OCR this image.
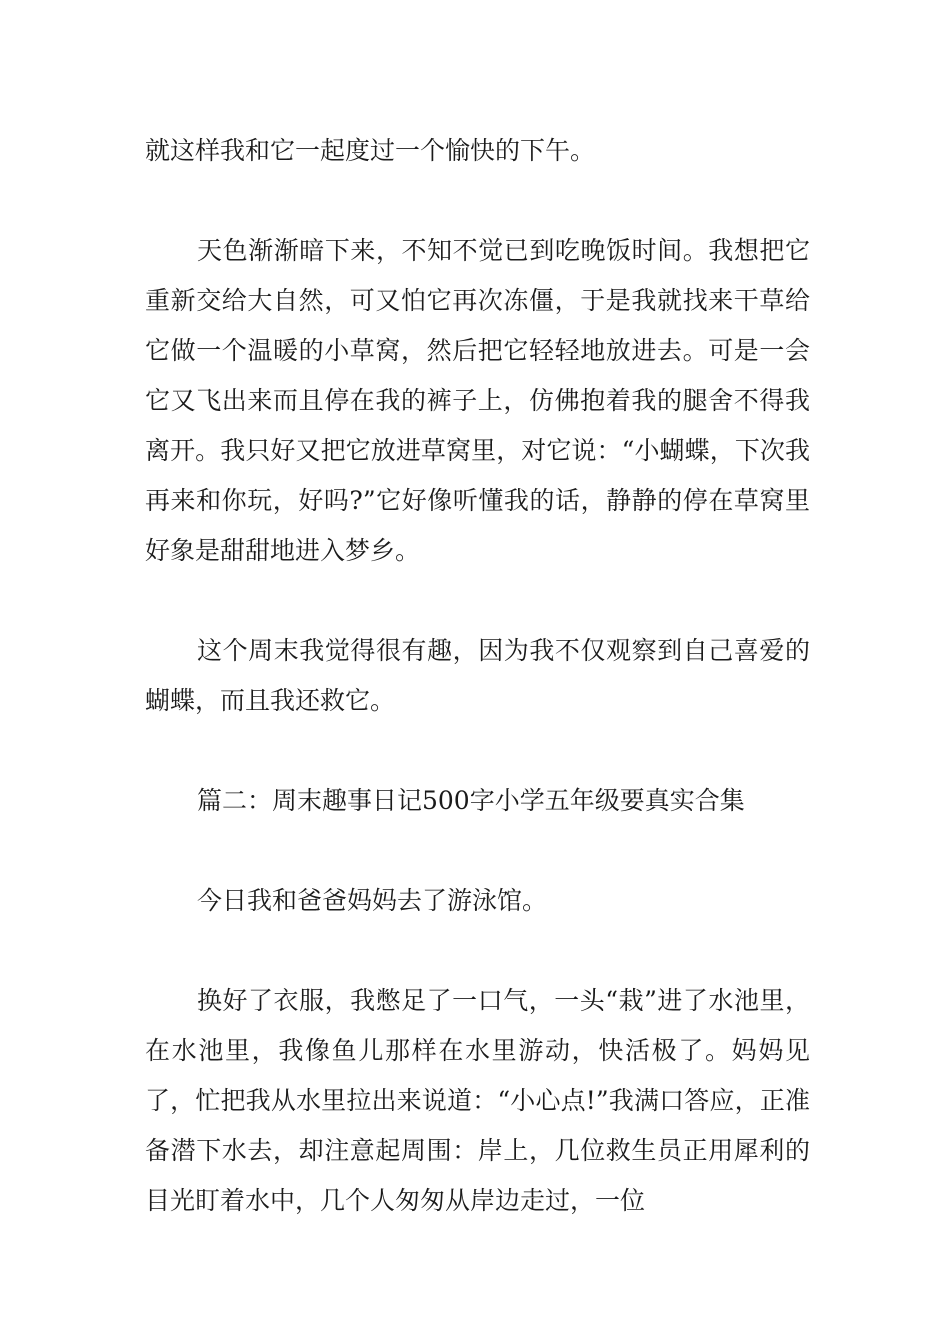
就这样我和它一起度过一个愉快的下午。

天色渐渐暗下来，不知不觉已到吃晚饭时间。我想把它重新交给大自然，可又怕它再次冻僵，于是我就找来干草给它做一个温暖的小草窝，然后把它轻轻地放进去。可是一会它又飞出来而且停在我的裤子上，仿佛抱着我的腿舍不得我离开。我只好又把它放进草窝里，对它说：“小蝴蝶，下次我再来和你玩，好吗?”它好像听懂我的话，静静的停在草窝里好象是甜甜地进入梦乡。

这个周末我觉得很有趣，因为我不仅观察到自己喜爱的蝴蝶，而且我还救它。

篇二：周末趣事日记500字小学五年级要真实合集

今日我和爸爸妈妈去了游泳馆。

换好了衣服，我憋足了一口气，一头“栽”进了水池里，在水池里，我像鱼儿那样在水里游动，快活极了。妈妈见了，忙把我从水里拉出来说道：“小心点!”我满口答应，正准备潜下水去，却注意起周围：岸上，几位救生员正用犀利的目光盯着水中，几个人匆匆从岸边走过，一位
